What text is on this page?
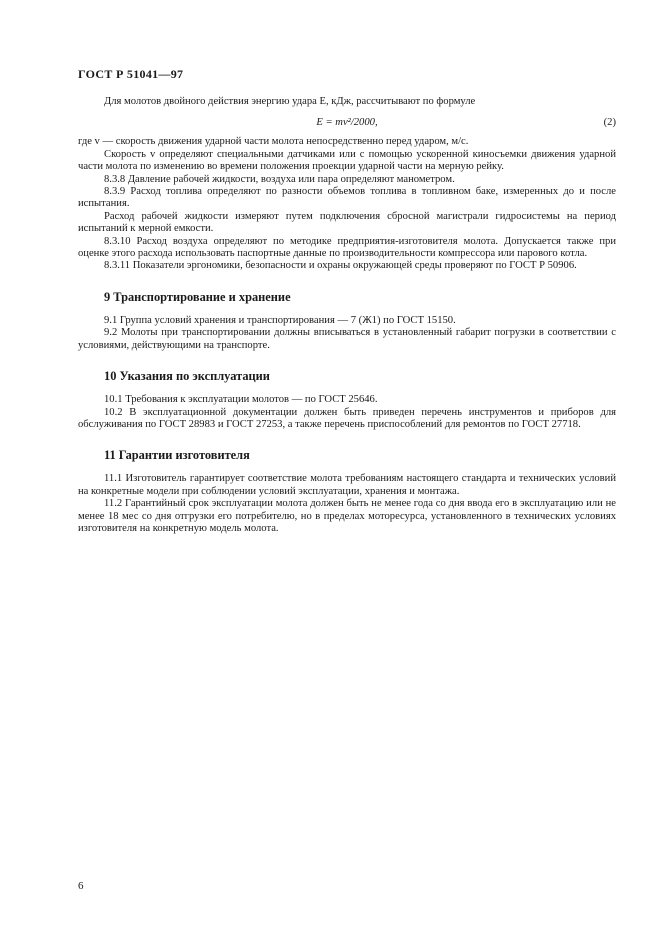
ГОСТ Р 51041—97

Для молотов двойного действия энергию удара E, кДж, рассчитывают по формуле

E = mv²/2000,	(2)

где v — скорость движения ударной части молота непосредственно перед ударом, м/с.

Скорость v определяют специальными датчиками или с помощью ускоренной киносъемки движения ударной части молота по изменению во времени положения проекции ударной части на мерную рейку.

8.3.8 Давление рабочей жидкости, воздуха или пара определяют манометром.

8.3.9 Расход топлива определяют по разности объемов топлива в топливном баке, измеренных до и после испытания.

Расход рабочей жидкости измеряют путем подключения сбросной магистрали гидросистемы на период испытаний к мерной емкости.

8.3.10 Расход воздуха определяют по методике предприятия-изготовителя молота. Допускается также при оценке этого расхода использовать паспортные данные по производительности компрессора или парового котла.

8.3.11 Показатели эргономики, безопасности и охраны окружающей среды проверяют по ГОСТ Р 50906.

9 Транспортирование и хранение

9.1 Группа условий хранения и транспортирования — 7 (Ж1) по ГОСТ 15150.

9.2 Молоты при транспортировании должны вписываться в установленный габарит погрузки в соответствии с условиями, действующими на транспорте.

10 Указания по эксплуатации

10.1 Требования к эксплуатации молотов — по ГОСТ 25646.

10.2 В эксплуатационной документации должен быть приведен перечень инструментов и приборов для обслуживания по ГОСТ 28983 и ГОСТ 27253, а также перечень приспособлений для ремонтов по ГОСТ 27718.

11 Гарантии изготовителя

11.1 Изготовитель гарантирует соответствие молота требованиям настоящего стандарта и технических условий на конкретные модели при соблюдении условий эксплуатации, хранения и монтажа.

11.2 Гарантийный срок эксплуатации молота должен быть не менее года со дня ввода его в эксплуатацию или не менее 18 мес со дня отгрузки его потребителю, но в пределах моторесурса, установленного в технических условиях изготовителя на конкретную модель молота.

6
